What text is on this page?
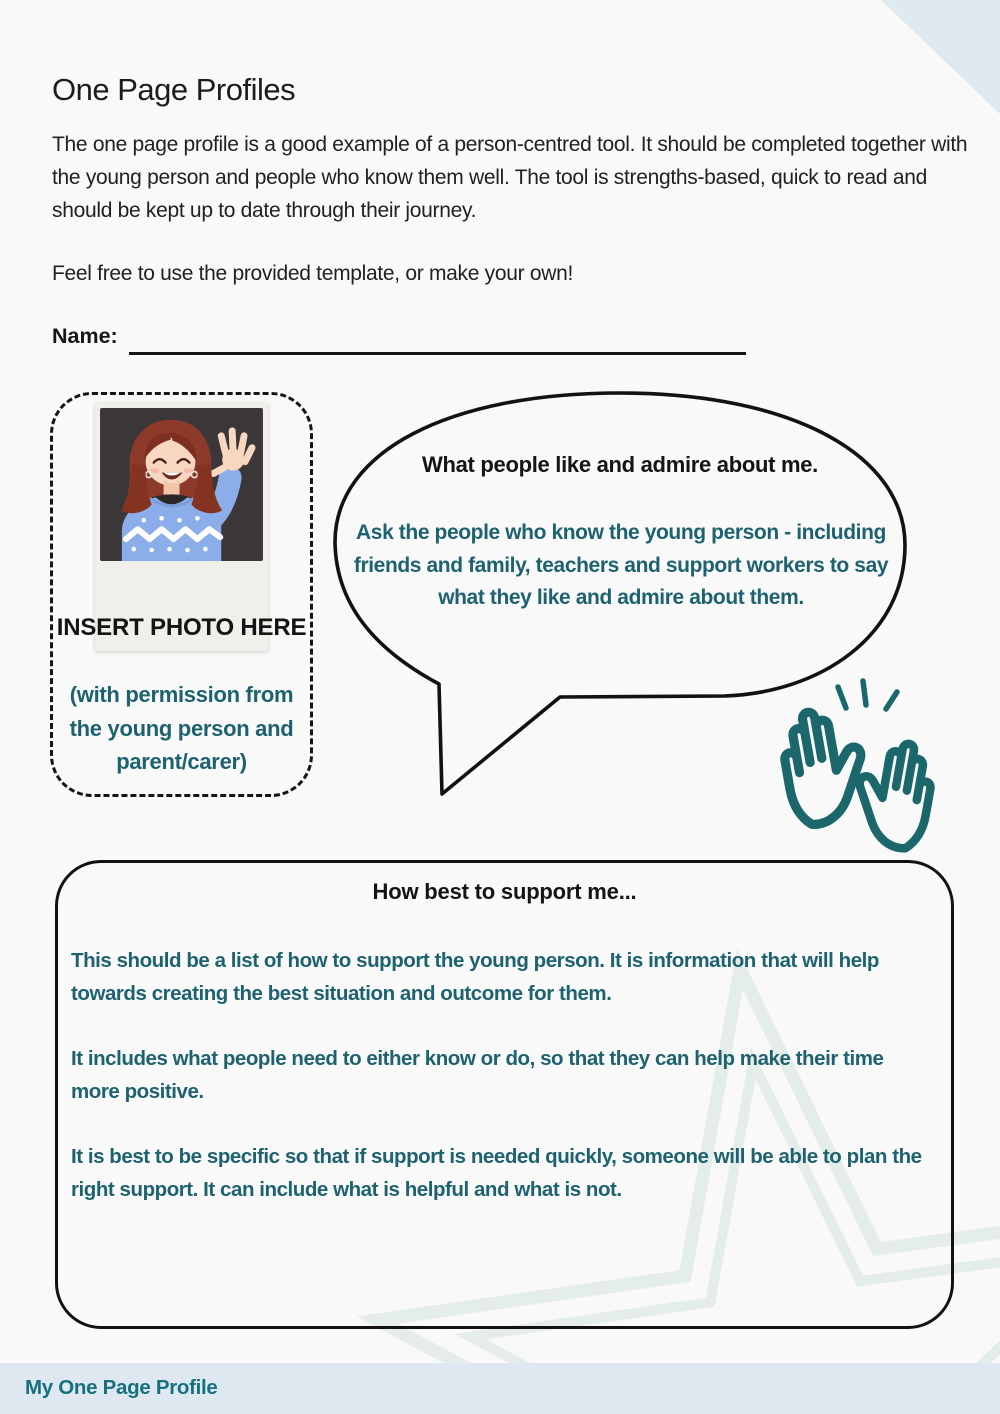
One Page Profiles
The one page profile is a good example of a person-centred tool. It should be completed together with the young person and people who know them well. The tool is strengths-based, quick to read and should be kept up to date through their journey.
Feel free to use the provided template, or make your own!
Name:
INSERT PHOTO HERE
(with permission from the young person and parent/carer)
What people like and admire about me.
Ask the people who know the young person - including friends and family, teachers and support workers to say what they like and admire about them.
How best to support me...
This should be a list of how to support the young person. It is information that will help towards creating the best situation and outcome for them.
It includes what people need to either know or do, so that they can help make their time more positive.
It is best to be specific so that if support is needed quickly, someone will be able to plan the right support. It can include what is helpful and what is not.
My One Page Profile
